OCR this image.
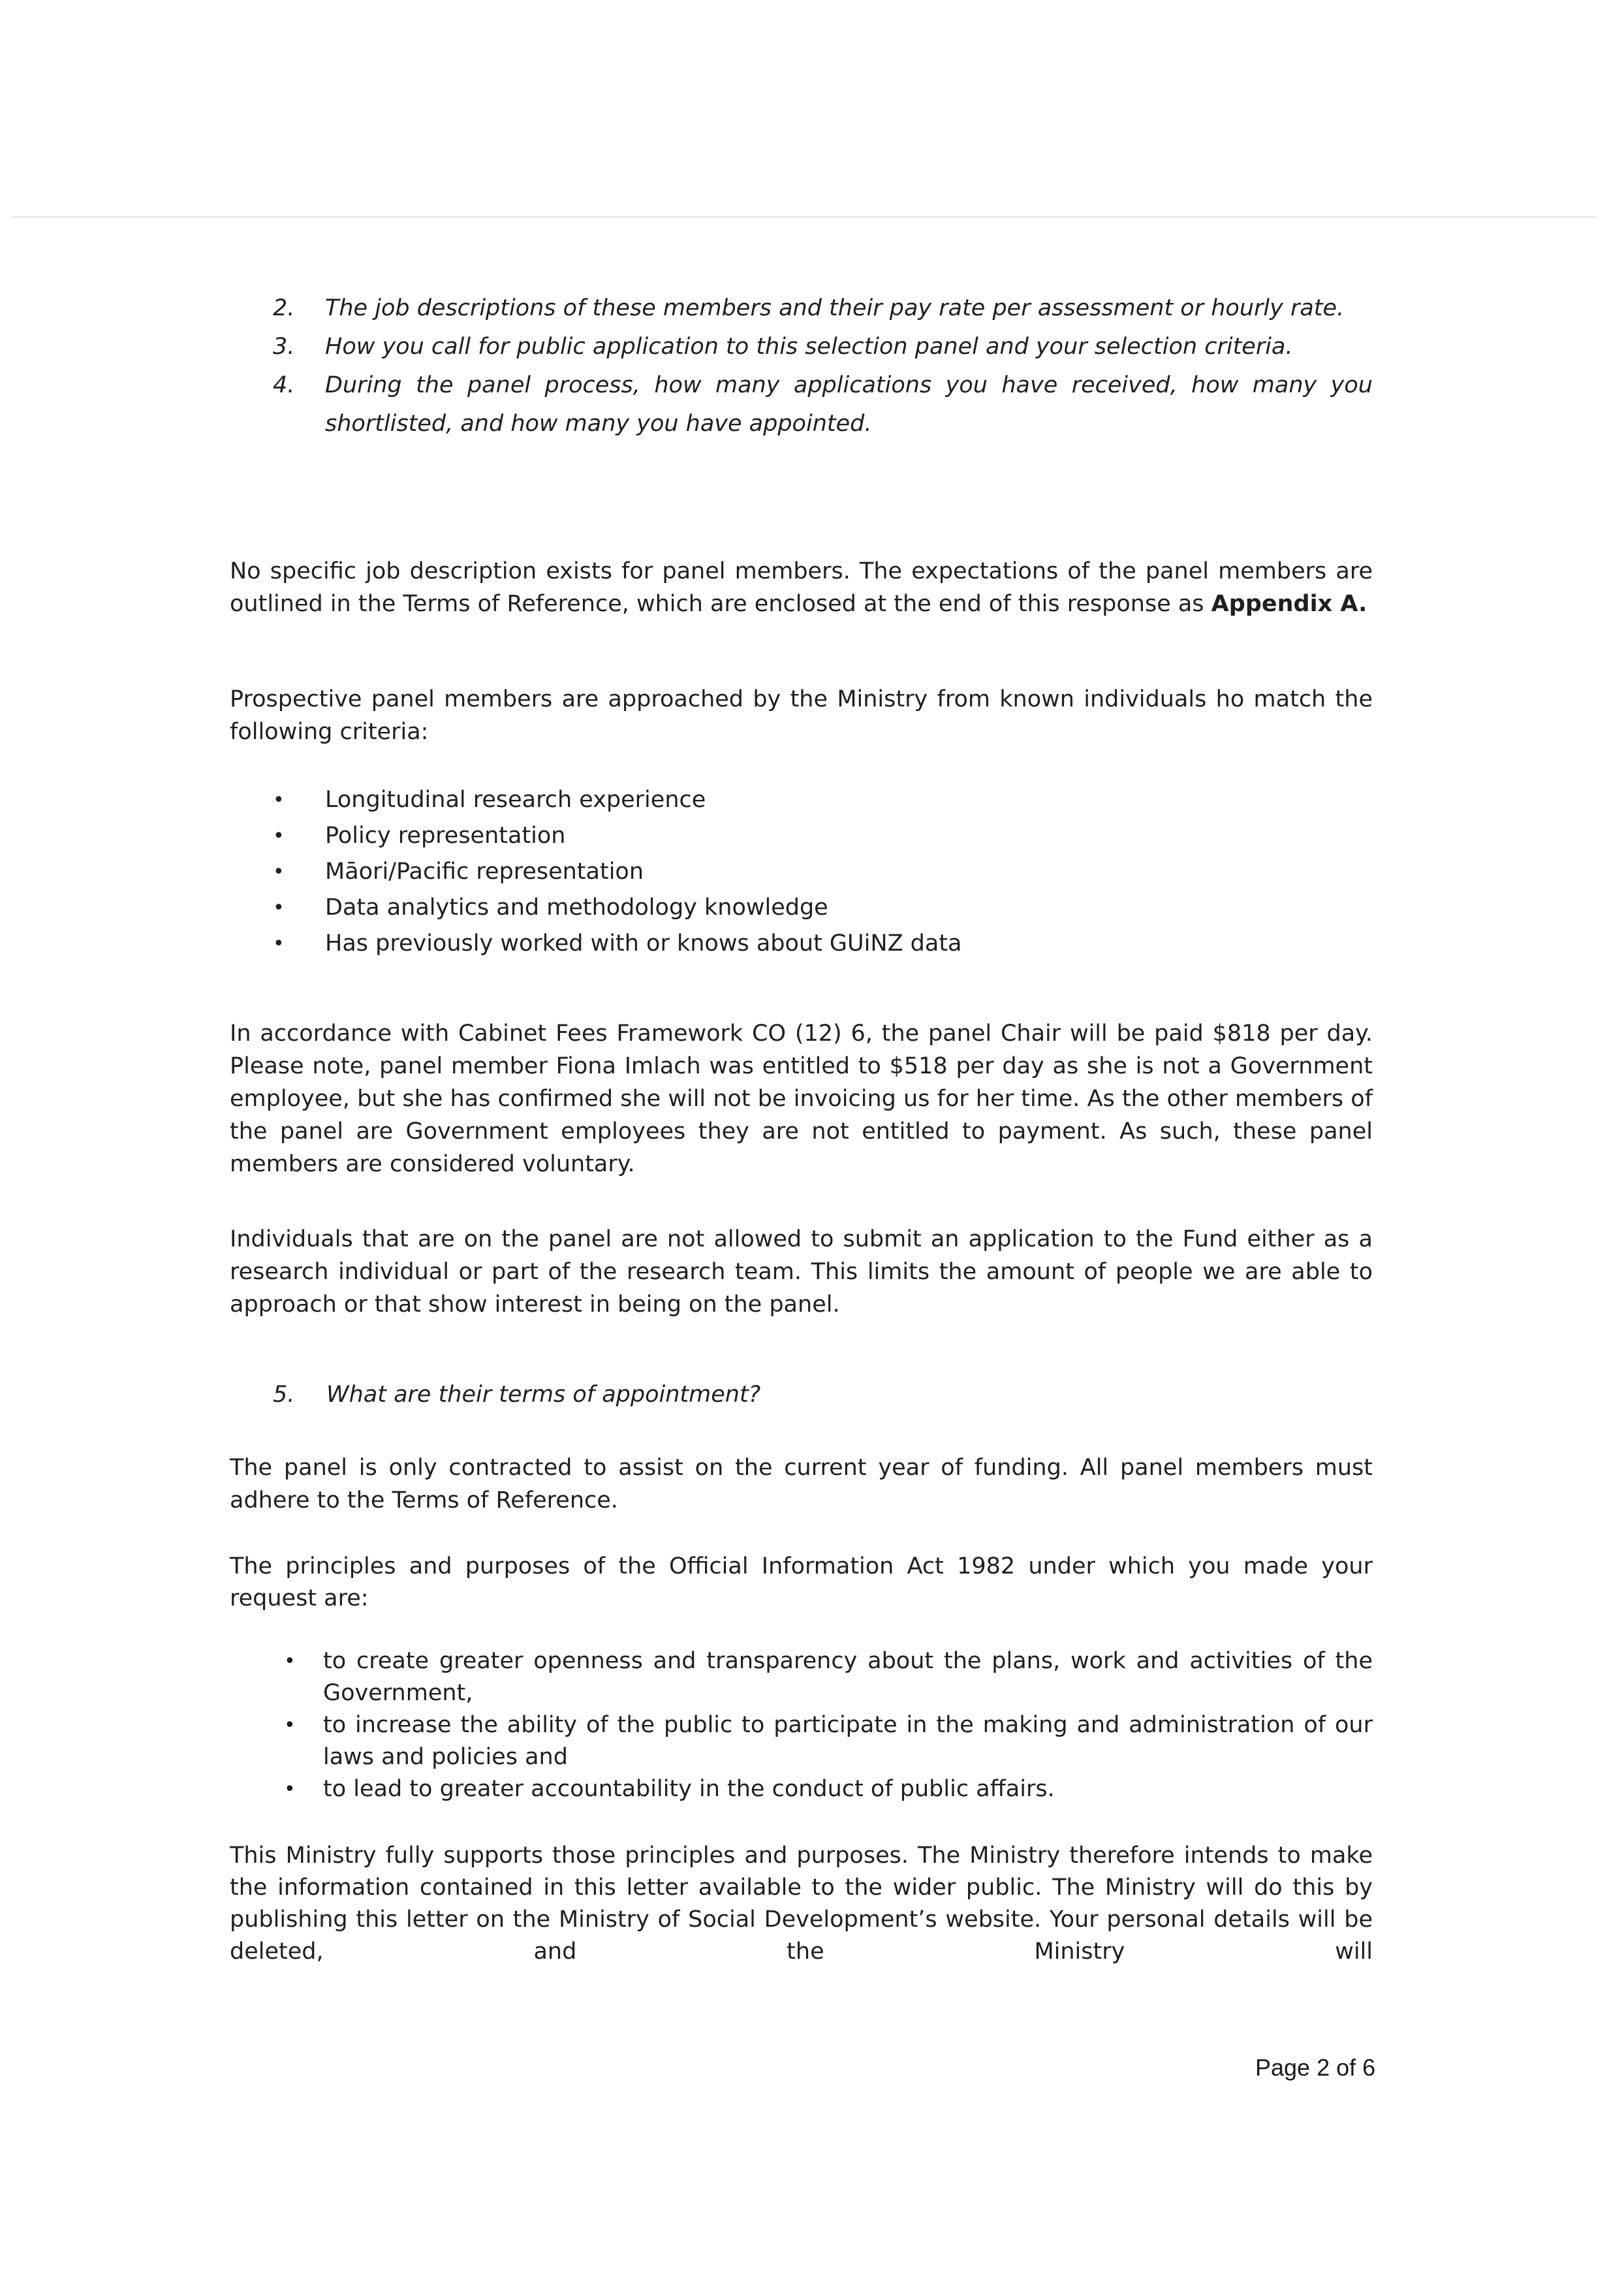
2.	The job descriptions of these members and their pay rate per assessment or hourly rate.
3.	How you call for public application to this selection panel and your selection criteria.
4.	During the panel process, how many applications you have received, how many you shortlisted, and how many you have appointed.

No specific job description exists for panel members. The expectations of the panel members are outlined in the Terms of Reference, which are enclosed at the end of this response as Appendix A.

Prospective panel members are approached by the Ministry from known individuals ho match the following criteria:

•	Longitudinal research experience
•	Policy representation
•	Māori/Pacific representation
•	Data analytics and methodology knowledge
•	Has previously worked with or knows about GUiNZ data

In accordance with Cabinet Fees Framework CO (12) 6, the panel Chair will be paid $818 per day. Please note, panel member Fiona Imlach was entitled to $518 per day as she is not a Government employee, but she has confirmed she will not be invoicing us for her time. As the other members of the panel are Government employees they are not entitled to payment. As such, these panel members are considered voluntary.

Individuals that are on the panel are not allowed to submit an application to the Fund either as a research individual or part of the research team. This limits the amount of people we are able to approach or that show interest in being on the panel.

5.	What are their terms of appointment?

The panel is only contracted to assist on the current year of funding. All panel members must adhere to the Terms of Reference.

The principles and purposes of the Official Information Act 1982 under which you made your request are:

•	to create greater openness and transparency about the plans, work and activities of the Government,
•	to increase the ability of the public to participate in the making and administration of our laws and policies and
•	to lead to greater accountability in the conduct of public affairs.

This Ministry fully supports those principles and purposes. The Ministry therefore intends to make the information contained in this letter available to the wider public. The Ministry will do this by publishing this letter on the Ministry of Social Development’s website. Your personal details will be deleted, and the Ministry will

Page 2 of 6
